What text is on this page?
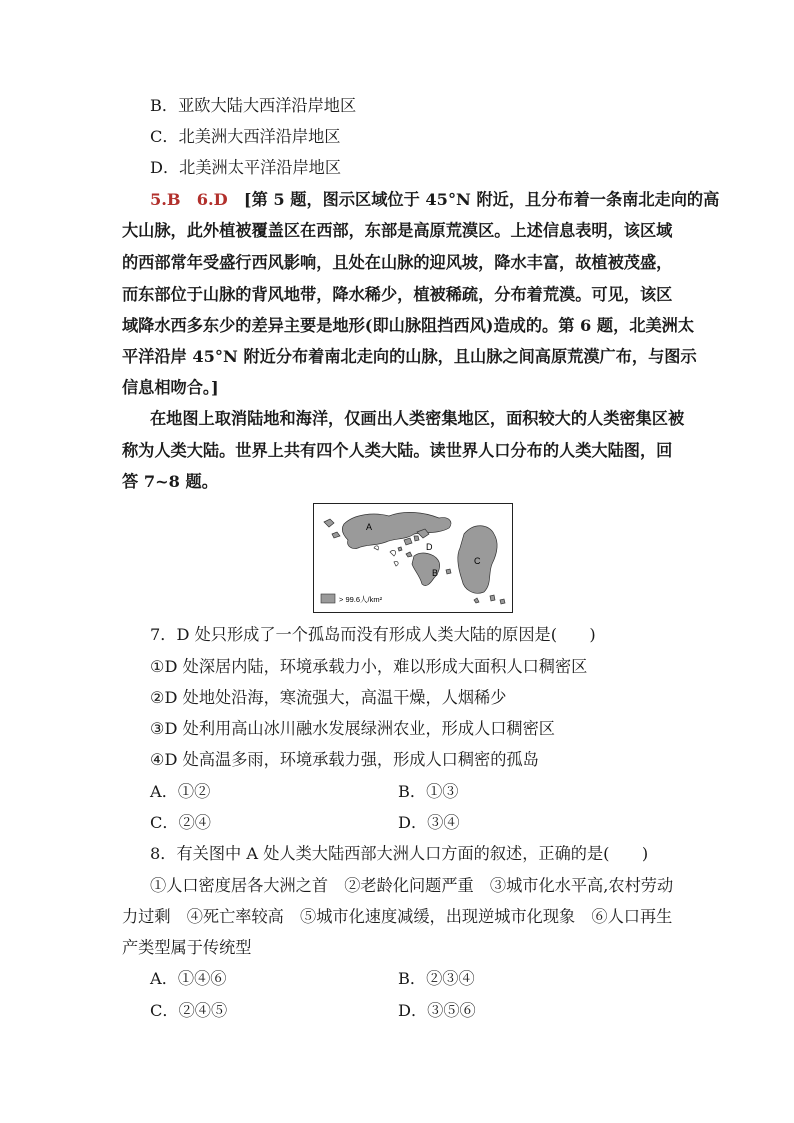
B．亚欧大陆大西洋沿岸地区
C．北美洲大西洋沿岸地区
D．北美洲太平洋沿岸地区
5.B　6.D　 [第 5 题，图示区域位于 45°N 附近，且分布着一条南北走向的高
大山脉，此外植被覆盖区在西部，东部是高原荒漠区。上述信息表明，该区域
的西部常年受盛行西风影响，且处在山脉的迎风坡，降水丰富，故植被茂盛，
而东部位于山脉的背风地带，降水稀少，植被稀疏，分布着荒漠。可见，该区
域降水西多东少的差异主要是地形(即山脉阻挡西风)造成的。第 6 题，北美洲太
平洋沿岸 45°N 附近分布着南北走向的山脉，且山脉之间高原荒漠广布，与图示
信息相吻合。]
在地图上取消陆地和海洋，仅画出人类密集地区，面积较大的人类密集区被
称为人类大陆。世界上共有四个人类大陆。读世界人口分布的人类大陆图，回
答 7~8 题。
A
D
B
C
> 99.6人/km²
7．D 处只形成了一个孤岛而没有形成人类大陆的原因是(　　)
①D 处深居内陆，环境承载力小，难以形成大面积人口稠密区
②D 处地处沿海，寒流强大，高温干燥，人烟稀少
③D 处利用高山冰川融水发展绿洲农业，形成人口稠密区
④D 处高温多雨，环境承载力强，形成人口稠密的孤岛
A．①②	B．①③
C．②④	D．③④
8．有关图中 A 处人类大陆西部大洲人口方面的叙述，正确的是(　　)
①人口密度居各大洲之首　②老龄化问题严重　③城市化水平高,农村劳动
力过剩　④死亡率较高　⑤城市化速度减缓，出现逆城市化现象　⑥人口再生
产类型属于传统型
A．①④⑥	B．②③④
C．②④⑤	D．③⑤⑥
